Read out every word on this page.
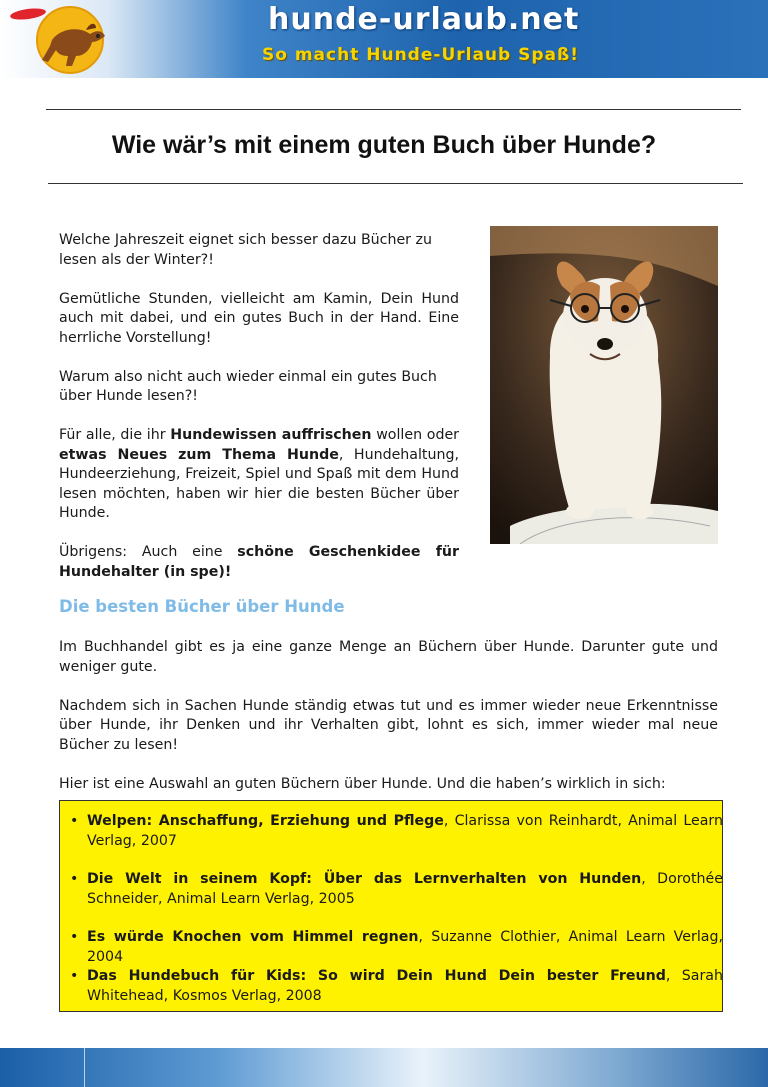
hunde-urlaub.net
So macht Hunde-Urlaub Spaß!
Wie wär’s mit einem guten Buch über Hunde?

Welche Jahreszeit eignet sich besser dazu Bücher zu lesen als der Winter?!

Gemütliche Stunden, vielleicht am Kamin, Dein Hund auch mit dabei, und ein gutes Buch in der Hand. Eine herrliche Vorstellung!

Warum also nicht auch wieder einmal ein gutes Buch über Hunde lesen?!

Für alle, die ihr Hundewissen auffrischen wollen oder etwas Neues zum Thema Hunde, Hundehaltung, Hundeerziehung, Freizeit, Spiel und Spaß mit dem Hund lesen möchten, haben wir hier die besten Bücher über Hunde.

Übrigens: Auch eine schöne Geschenkidee für Hundehalter (in spe)!

Die besten Bücher über Hunde

Im Buchhandel gibt es ja eine ganze Menge an Büchern über Hunde. Darunter gute und weniger gute.

Nachdem sich in Sachen Hunde ständig etwas tut und es immer wieder neue Erkenntnisse über Hunde, ihr Denken und ihr Verhalten gibt, lohnt es sich, immer wieder mal neue Bücher zu lesen!

Hier ist eine Auswahl an guten Büchern über Hunde. Und die haben’s wirklich in sich:

• Welpen: Anschaffung, Erziehung und Pflege, Clarissa von Reinhardt, Animal Learn Verlag, 2007
• Die Welt in seinem Kopf: Über das Lernverhalten von Hunden, Dorothée Schneider, Animal Learn Verlag, 2005
• Es würde Knochen vom Himmel regnen, Suzanne Clothier, Animal Learn Verlag, 2004
• Das Hundebuch für Kids: So wird Dein Hund Dein bester Freund, Sarah Whitehead, Kosmos Verlag, 2008
